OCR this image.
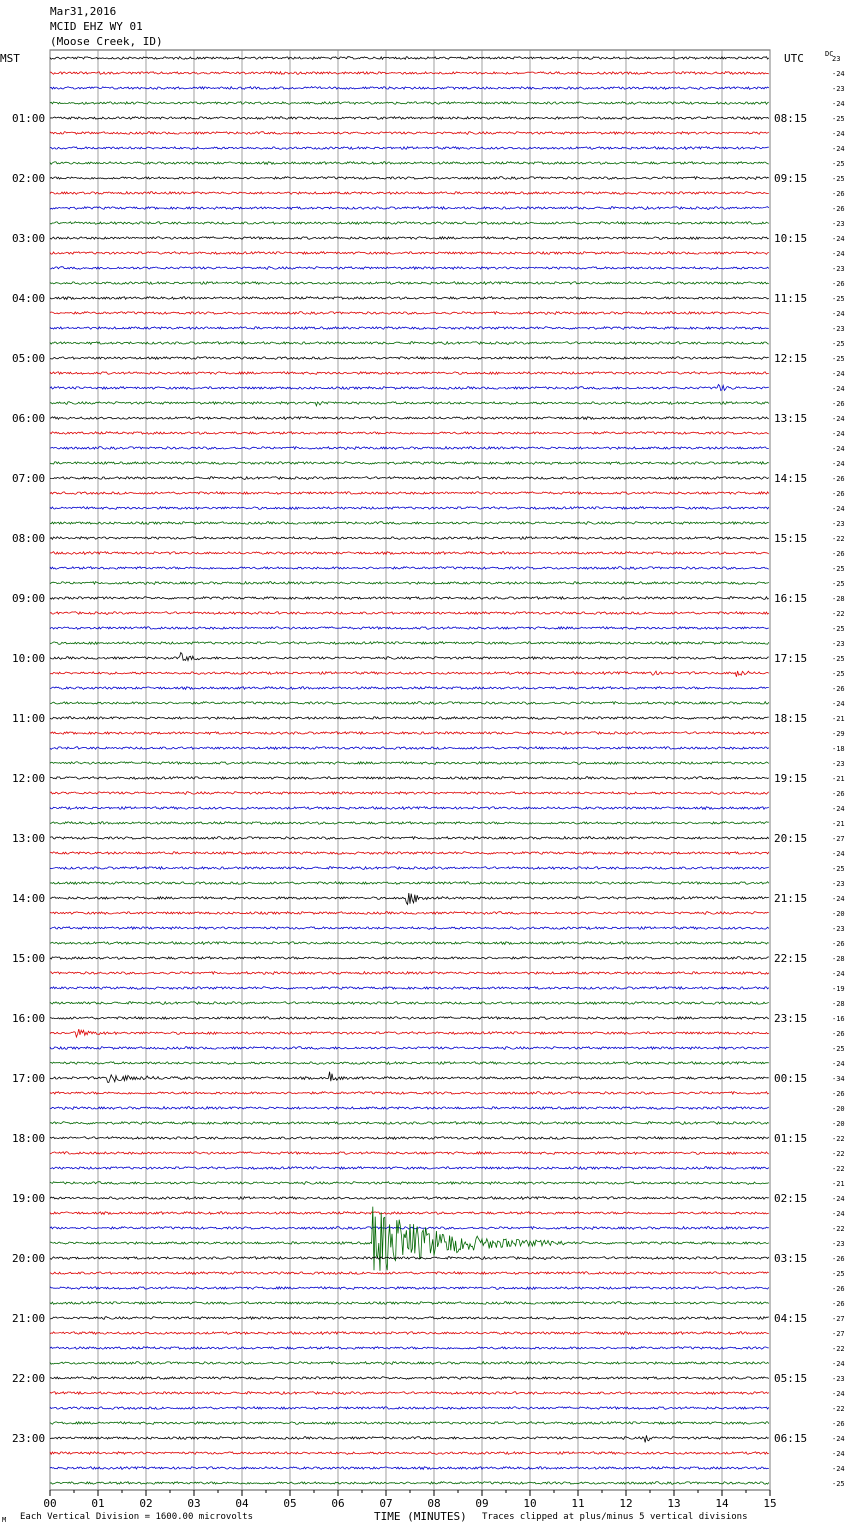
Mar31,2016
MCID EHZ WY 01
(Moose Creek, ID)
00	01	02	03	04	05	06	07	08	09	10	11	12	13	14	15
23
-24
-23
-24
-25
-24
-24
-25
-25
-26
-26
-23
-24
-24
-23
-26
-25
-24
-23
-25
-25
-24
-24
-26
-24
-24
-24
-24
-26
-26
-24
-23
-22
-26
-25
-25
-28
-22
-25
-23
-25
-25
-26
-24
-21
-29
-18
-23
-21
-26
-24
-21
-27
-24
-25
-23
-24
-20
-23
-26
-28
-24
-19
-28
-16
-26
-25
-24
-34
-26
-20
-20
-22
-22
-22
-21
-24
-24
-22
-23
-26
-25
-26
-26
-27
-27
-22
-24
-23
-24
-22
-26
-24
-24
-24
-25
01:00	08:15
02:00	09:15
03:00	10:15
04:00	11:15
05:00	12:15
06:00	13:15
07:00	14:15
08:00	15:15
09:00	16:15
10:00	17:15
11:00	18:15
12:00	19:15
13:00	20:15
14:00	21:15
15:00	22:15
16:00	23:15
17:00	00:15
18:00	01:15
19:00	02:15
20:00	03:15
21:00	04:15
22:00	05:15
23:00	06:15
MST	UTC	DC
M Each Vertical Division = 1600.00 microvolts	TIME (MINUTES) Traces clipped at plus/minus 5 vertical divisions
